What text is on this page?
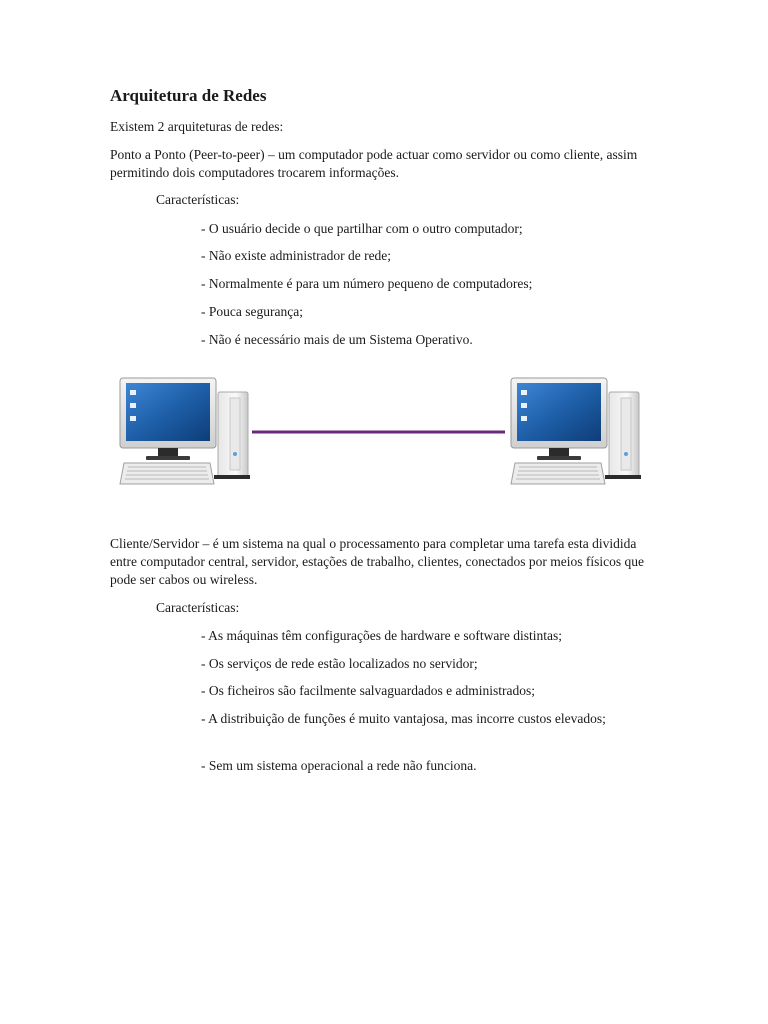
Arquitetura de Redes

Existem 2 arquiteturas de redes:

Ponto a Ponto (Peer-to-peer) – um computador pode actuar como servidor ou como cliente, assim permitindo dois computadores trocarem informações.

Características:

- O usuário decide o que partilhar com o outro computador;

- Não existe administrador de rede;

- Normalmente é para um número pequeno de computadores;

- Pouca segurança;

- Não é necessário mais de um Sistema Operativo.

Cliente/Servidor – é um sistema na qual o processamento para completar uma tarefa esta dividida entre computador central, servidor, estações de trabalho, clientes, conectados por meios físicos que pode ser cabos ou wireless.

Características:

- As máquinas têm configurações de hardware e software distintas;

- Os serviços de rede estão localizados no servidor;

- Os ficheiros são facilmente salvaguardados e administrados;

- A distribuição de funções é muito vantajosa, mas incorre custos elevados;

- Sem um sistema operacional a rede não funciona.
